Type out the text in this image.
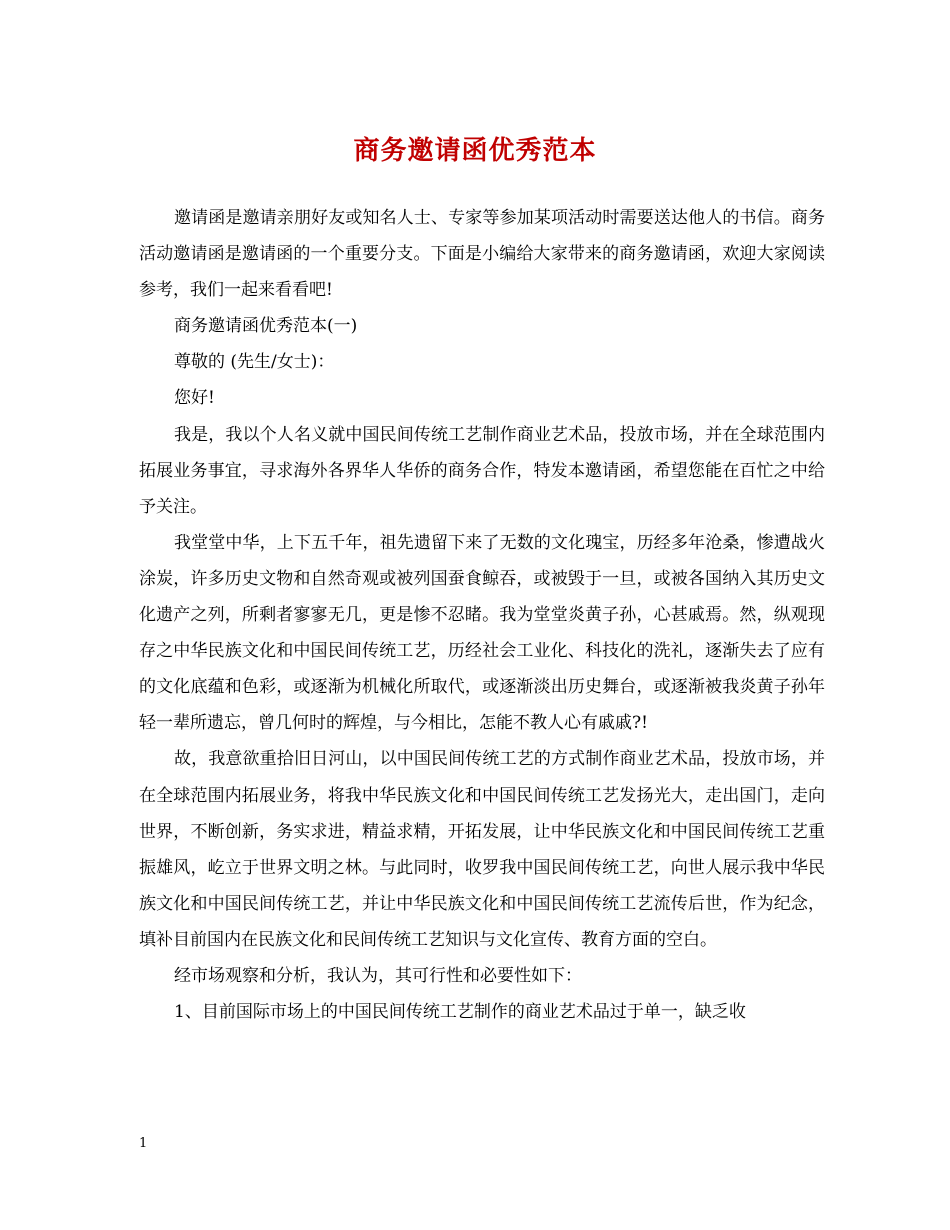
商务邀请函优秀范本

邀请函是邀请亲朋好友或知名人士、专家等参加某项活动时需要送达他人的书信。商务活动邀请函是邀请函的一个重要分支。下面是小编给大家带来的商务邀请函，欢迎大家阅读参考，我们一起来看看吧!

商务邀请函优秀范本(一)

尊敬的 (先生/女士)：

您好!

我是，我以个人名义就中国民间传统工艺制作商业艺术品，投放市场，并在全球范围内拓展业务事宜，寻求海外各界华人华侨的商务合作，特发本邀请函，希望您能在百忙之中给予关注。

我堂堂中华，上下五千年，祖先遗留下来了无数的文化瑰宝，历经多年沧桑，惨遭战火涂炭，许多历史文物和自然奇观或被列国蚕食鲸吞，或被毁于一旦，或被各国纳入其历史文化遗产之列，所剩者寥寥无几，更是惨不忍睹。我为堂堂炎黄子孙，心甚戚焉。然，纵观现存之中华民族文化和中国民间传统工艺，历经社会工业化、科技化的洗礼，逐渐失去了应有的文化底蕴和色彩，或逐渐为机械化所取代，或逐渐淡出历史舞台，或逐渐被我炎黄子孙年轻一辈所遗忘，曾几何时的辉煌，与今相比，怎能不教人心有戚戚?!

故，我意欲重拾旧日河山，以中国民间传统工艺的方式制作商业艺术品，投放市场，并在全球范围内拓展业务，将我中华民族文化和中国民间传统工艺发扬光大，走出国门，走向世界，不断创新，务实求进，精益求精，开拓发展，让中华民族文化和中国民间传统工艺重振雄风，屹立于世界文明之林。与此同时，收罗我中国民间传统工艺，向世人展示我中华民族文化和中国民间传统工艺，并让中华民族文化和中国民间传统工艺流传后世，作为纪念，填补目前国内在民族文化和民间传统工艺知识与文化宣传、教育方面的空白。

经市场观察和分析，我认为，其可行性和必要性如下：

1、目前国际市场上的中国民间传统工艺制作的商业艺术品过于单一，缺乏收

1
